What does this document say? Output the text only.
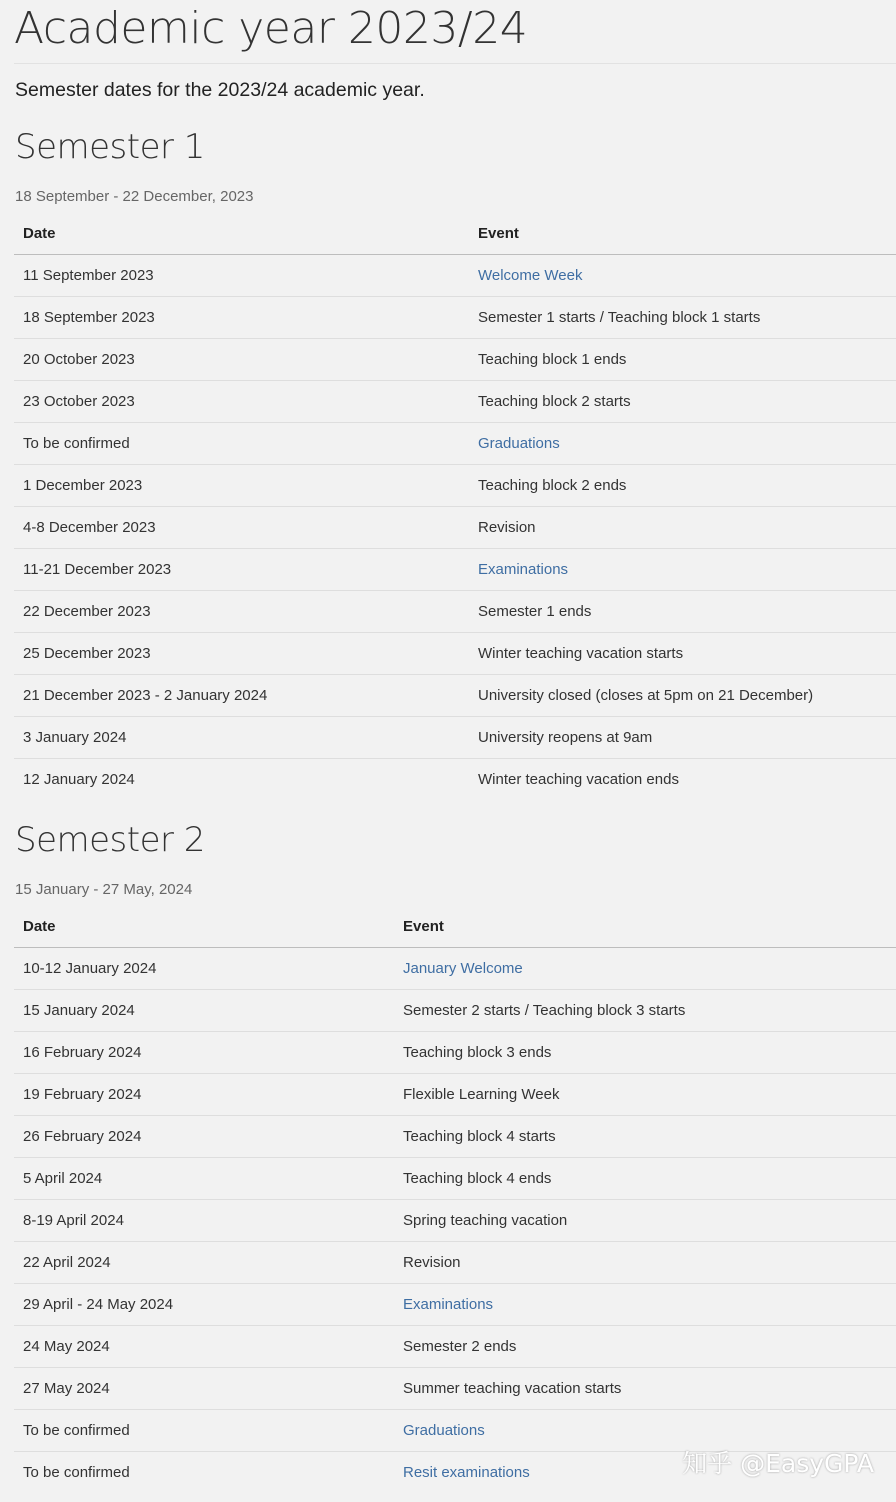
Academic year 2023/24

Semester dates for the 2023/24 academic year.

Semester 1

18 September - 22 December, 2023

Date	Event
11 September 2023	Welcome Week
18 September 2023	Semester 1 starts / Teaching block 1 starts
20 October 2023	Teaching block 1 ends
23 October 2023	Teaching block 2 starts
To be confirmed	Graduations
1 December 2023	Teaching block 2 ends
4-8 December 2023	Revision
11-21 December 2023	Examinations
22 December 2023	Semester 1 ends
25 December 2023	Winter teaching vacation starts
21 December 2023 - 2 January 2024	University closed (closes at 5pm on 21 December)
3 January 2024	University reopens at 9am
12 January 2024	Winter teaching vacation ends
Semester 2

15 January - 27 May, 2024

Date	Event
10-12 January 2024	January Welcome
15 January 2024	Semester 2 starts / Teaching block 3 starts
16 February 2024	Teaching block 3 ends
19 February 2024	Flexible Learning Week
26 February 2024	Teaching block 4 starts
5 April 2024	Teaching block 4 ends
8-19 April 2024	Spring teaching vacation
22 April 2024	Revision
29 April - 24 May 2024	Examinations
24 May 2024	Semester 2 ends
27 May 2024	Summer teaching vacation starts
To be confirmed	Graduations
To be confirmed	Resit examinations	知乎 @EasyGPA
